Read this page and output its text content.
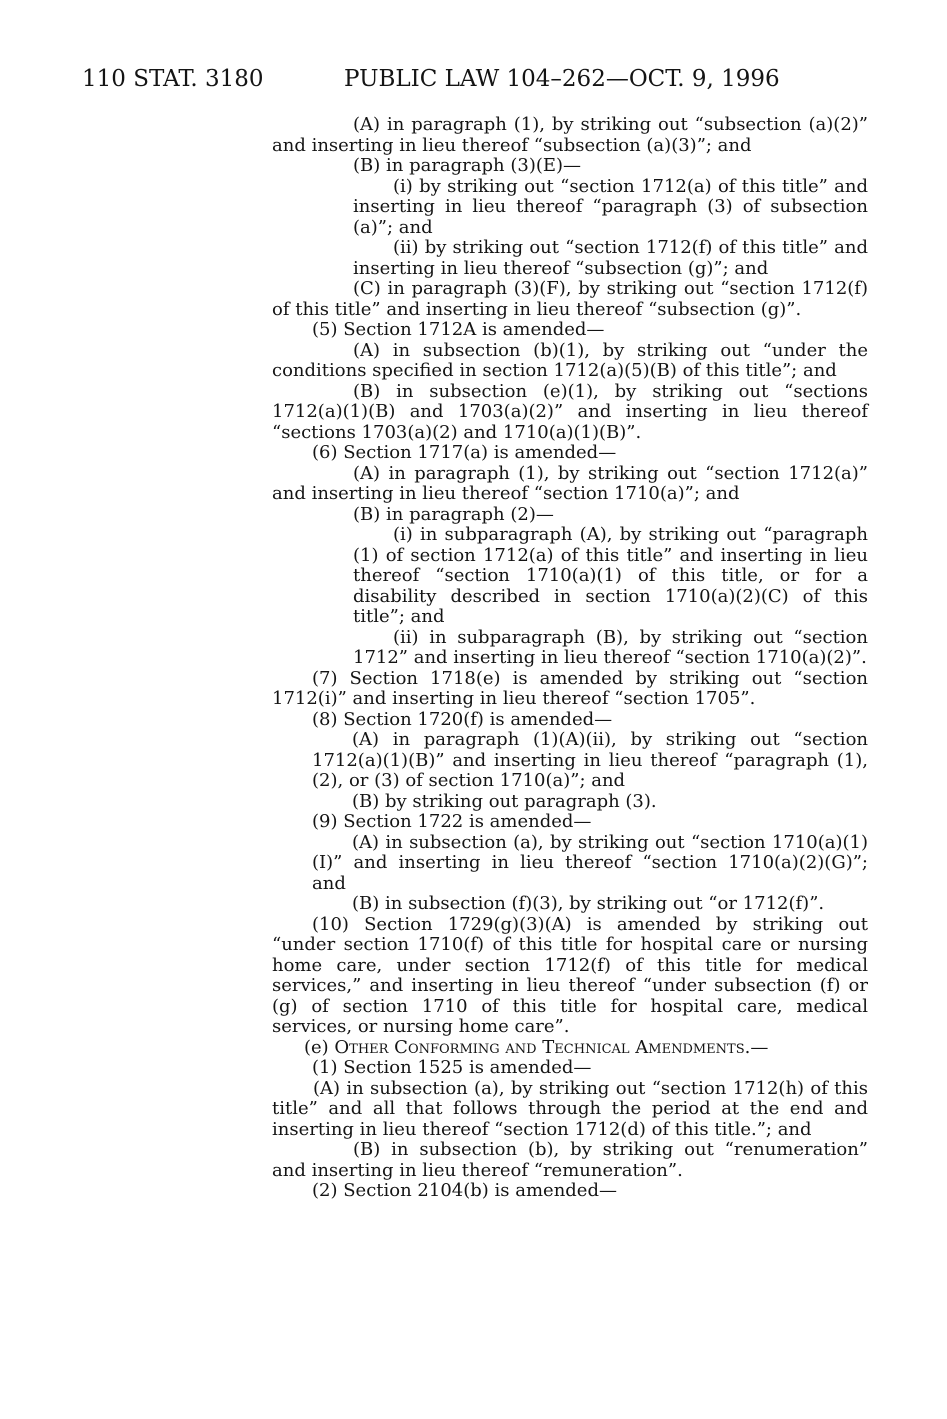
110 STAT. 3180	PUBLIC LAW 104–262—OCT. 9, 1996

(A) in paragraph (1), by striking out “subsection (a)(2)” and inserting in lieu thereof “subsection (a)(3)”; and

(B) in paragraph (3)(E)—

(i) by striking out “section 1712(a) of this title” and inserting in lieu thereof “paragraph (3) of subsection (a)”; and

(ii) by striking out “section 1712(f) of this title” and inserting in lieu thereof “subsection (g)”; and

(C) in paragraph (3)(F), by striking out “section 1712(f) of this title” and inserting in lieu thereof “subsection (g)”.

(5) Section 1712A is amended—

(A) in subsection (b)(1), by striking out “under the conditions specified in section 1712(a)(5)(B) of this title”; and

(B) in subsection (e)(1), by striking out “sections 1712(a)(1)(B) and 1703(a)(2)” and inserting in lieu thereof “sections 1703(a)(2) and 1710(a)(1)(B)”.

(6) Section 1717(a) is amended—

(A) in paragraph (1), by striking out “section 1712(a)” and inserting in lieu thereof “section 1710(a)”; and

(B) in paragraph (2)—

(i) in subparagraph (A), by striking out “paragraph (1) of section 1712(a) of this title” and inserting in lieu thereof “section 1710(a)(1) of this title, or for a disability described in section 1710(a)(2)(C) of this title”; and

(ii) in subparagraph (B), by striking out “section 1712” and inserting in lieu thereof “section 1710(a)(2)”.

(7) Section 1718(e) is amended by striking out “section 1712(i)” and inserting in lieu thereof “section 1705”.

(8) Section 1720(f) is amended—

(A) in paragraph (1)(A)(ii), by striking out “section 1712(a)(1)(B)” and inserting in lieu thereof “paragraph (1), (2), or (3) of section 1710(a)”; and

(B) by striking out paragraph (3).

(9) Section 1722 is amended—

(A) in subsection (a), by striking out “section 1710(a)(1)(I)” and inserting in lieu thereof “section 1710(a)(2)(G)”; and

(B) in subsection (f)(3), by striking out “or 1712(f)”.

(10) Section 1729(g)(3)(A) is amended by striking out “under section 1710(f) of this title for hospital care or nursing home care, under section 1712(f) of this title for medical services,” and inserting in lieu thereof “under subsection (f) or (g) of section 1710 of this title for hospital care, medical services, or nursing home care”.

(e) Other Conforming and Technical Amendments.—

(1) Section 1525 is amended—

(A) in subsection (a), by striking out “section 1712(h) of this title” and all that follows through the period at the end and inserting in lieu thereof “section 1712(d) of this title.”; and

(B) in subsection (b), by striking out “renumeration” and inserting in lieu thereof “remuneration”.

(2) Section 2104(b) is amended—
